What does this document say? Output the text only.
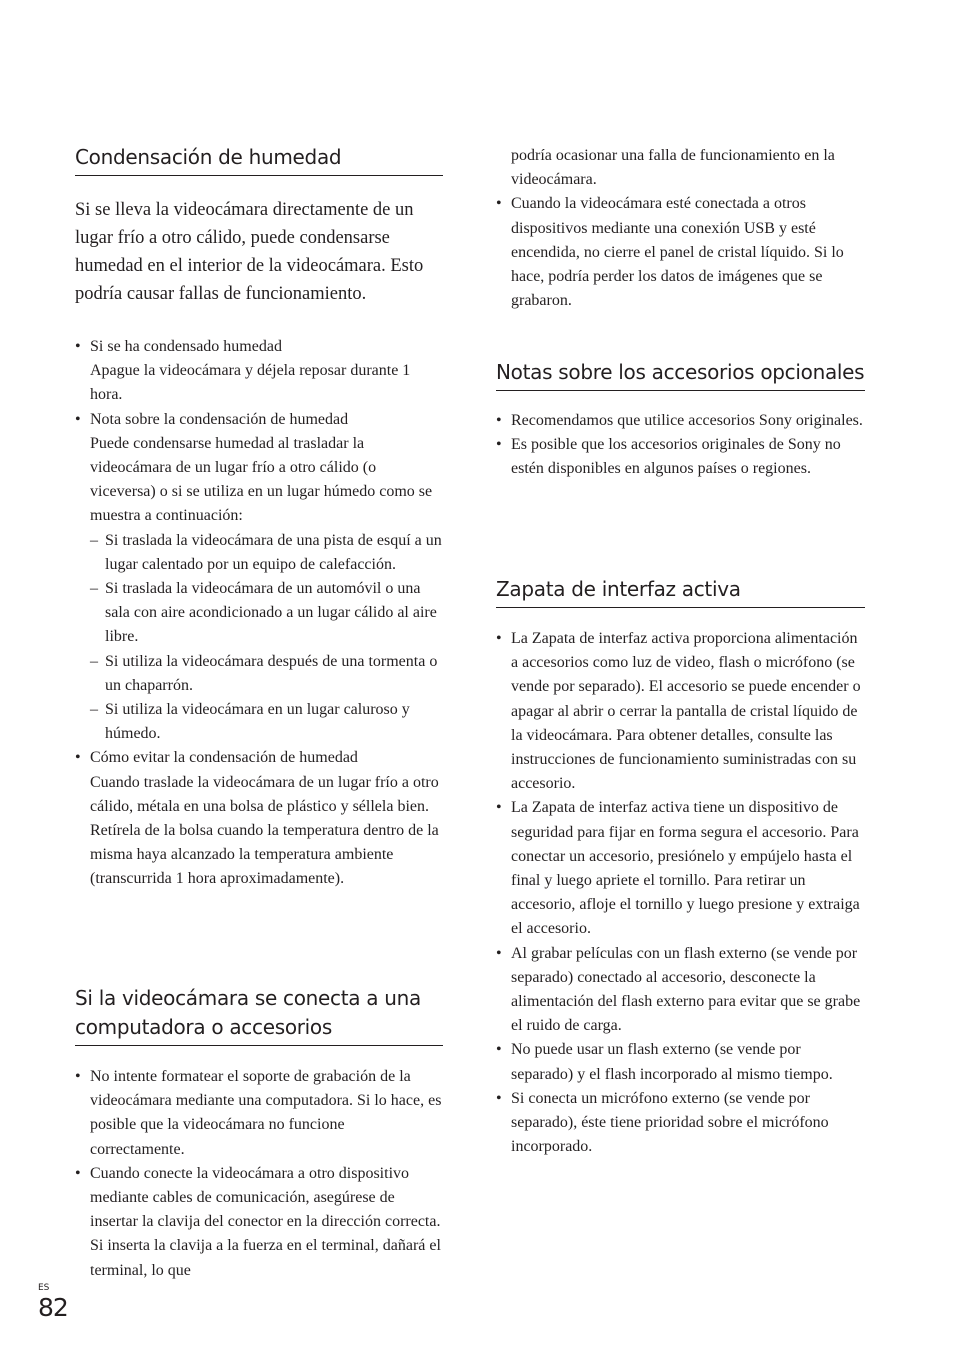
Condensación de humedad
Si se lleva la videocámara directamente de un lugar frío a otro cálido, puede condensarse humedad en el interior de la videocámara. Esto podría causar fallas de funcionamiento.
• Si se ha condensado humedad
Apague la videocámara y déjela reposar durante 1 hora.
• Nota sobre la condensación de humedad
Puede condensarse humedad al trasladar la videocámara de un lugar frío a otro cálido (o viceversa) o si se utiliza en un lugar húmedo como se muestra a continuación:
– Si traslada la videocámara de una pista de esquí a un lugar calentado por un equipo de calefacción.
– Si traslada la videocámara de un automóvil o una sala con aire acondicionado a un lugar cálido al aire libre.
– Si utiliza la videocámara después de una tormenta o un chaparrón.
– Si utiliza la videocámara en un lugar caluroso y húmedo.
• Cómo evitar la condensación de humedad
Cuando traslade la videocámara de un lugar frío a otro cálido, métala en una bolsa de plástico y séllela bien. Retírela de la bolsa cuando la temperatura dentro de la misma haya alcanzado la temperatura ambiente (transcurrida 1 hora aproximadamente).
Si la videocámara se conecta a una computadora o accesorios
• No intente formatear el soporte de grabación de la videocámara mediante una computadora. Si lo hace, es posible que la videocámara no funcione correctamente.
• Cuando conecte la videocámara a otro dispositivo mediante cables de comunicación, asegúrese de insertar la clavija del conector en la dirección correcta. Si inserta la clavija a la fuerza en el terminal, dañará el terminal, lo que
podría ocasionar una falla de funcionamiento en la videocámara.
• Cuando la videocámara esté conectada a otros dispositivos mediante una conexión USB y esté encendida, no cierre el panel de cristal líquido. Si lo hace, podría perder los datos de imágenes que se grabaron.
Notas sobre los accesorios opcionales
• Recomendamos que utilice accesorios Sony originales.
• Es posible que los accesorios originales de Sony no estén disponibles en algunos países o regiones.
Zapata de interfaz activa
• La Zapata de interfaz activa proporciona alimentación a accesorios como luz de video, flash o micrófono (se vende por separado). El accesorio se puede encender o apagar al abrir o cerrar la pantalla de cristal líquido de la videocámara. Para obtener detalles, consulte las instrucciones de funcionamiento suministradas con su accesorio.
• La Zapata de interfaz activa tiene un dispositivo de seguridad para fijar en forma segura el accesorio. Para conectar un accesorio, presiónelo y empújelo hasta el final y luego apriete el tornillo. Para retirar un accesorio, afloje el tornillo y luego presione y extraiga el accesorio.
• Al grabar películas con un flash externo (se vende por separado) conectado al accesorio, desconecte la alimentación del flash externo para evitar que se grabe el ruido de carga.
• No puede usar un flash externo (se vende por separado) y el flash incorporado al mismo tiempo.
• Si conecta un micrófono externo (se vende por separado), éste tiene prioridad sobre el micrófono incorporado.
ES
82
